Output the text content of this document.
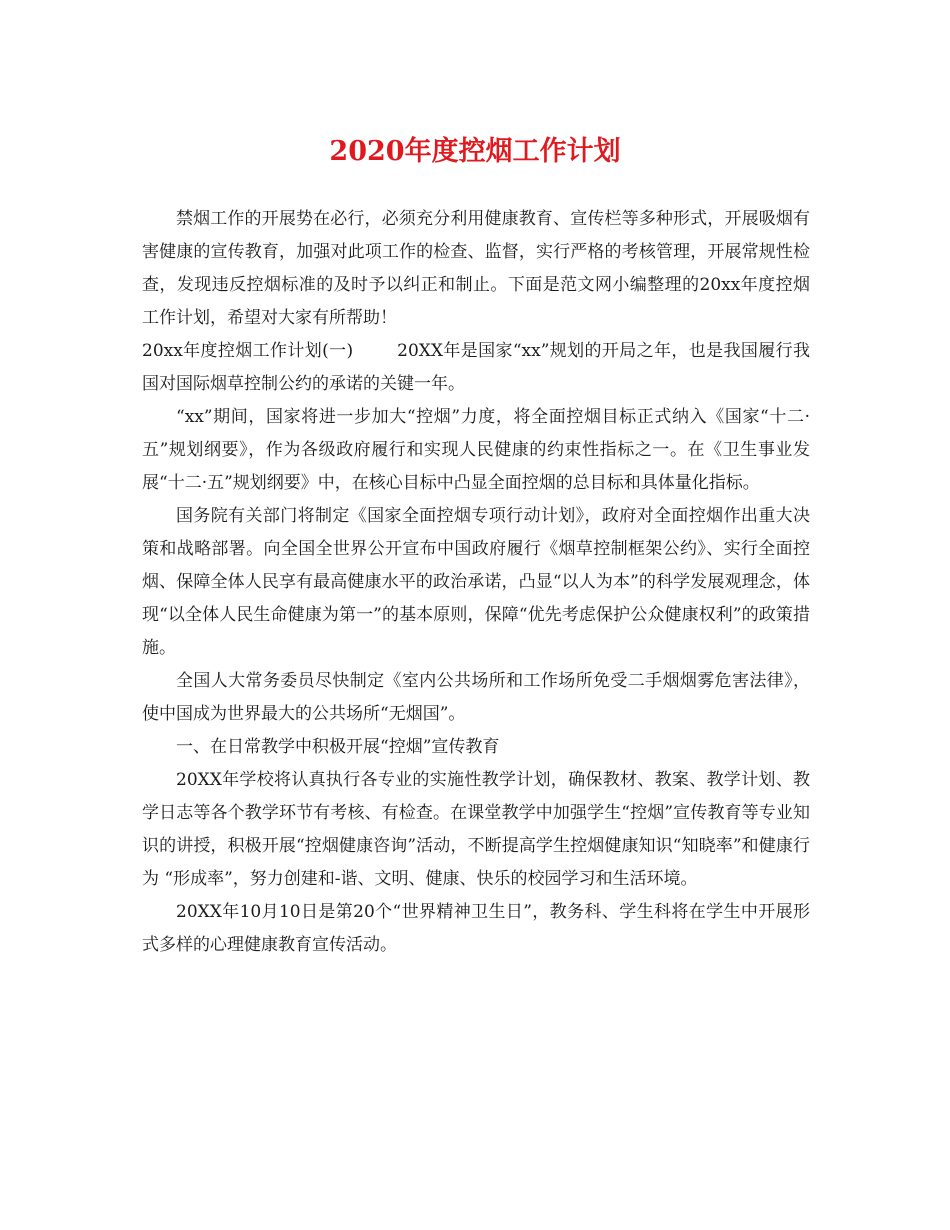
2020年度控烟工作计划

禁烟工作的开展势在必行，必须充分利用健康教育、宣传栏等多种形式，开展吸烟有害健康的宣传教育，加强对此项工作的检查、监督，实行严格的考核管理，开展常规性检查，发现违反控烟标准的及时予以纠正和制止。下面是范文网小编整理的20xx年度控烟工作计划，希望对大家有所帮助！

20xx年度控烟工作计划(一)	20XX年是国家“xx”规划的开局之年，也是我国履行我国对国际烟草控制公约的承诺的关键一年。

“xx”期间，国家将进一步加大“控烟”力度，将全面控烟目标正式纳入《国家“十二·五”规划纲要》，作为各级政府履行和实现人民健康的约束性指标之一。在《卫生事业发展“十二·五”规划纲要》中，在核心目标中凸显全面控烟的总目标和具体量化指标。

国务院有关部门将制定《国家全面控烟专项行动计划》，政府对全面控烟作出重大决策和战略部署。向全国全世界公开宣布中国政府履行《烟草控制框架公约》、实行全面控烟、保障全体人民享有最高健康水平的政治承诺，凸显“以人为本”的科学发展观理念，体现“以全体人民生命健康为第一”的基本原则，保障“优先考虑保护公众健康权利”的政策措施。

全国人大常务委员尽快制定《室内公共场所和工作场所免受二手烟烟雾危害法律》，使中国成为世界最大的公共场所“无烟国”。

一、在日常教学中积极开展“控烟”宣传教育

20XX年学校将认真执行各专业的实施性教学计划，确保教材、教案、教学计划、教学日志等各个教学环节有考核、有检查。在课堂教学中加强学生“控烟”宣传教育等专业知识的讲授，积极开展“控烟健康咨询”活动，不断提高学生控烟健康知识“知晓率”和健康行为 “形成率”，努力创建和-谐、文明、健康、快乐的校园学习和生活环境。

20XX年10月10日是第20个“世界精神卫生日”，教务科、学生科将在学生中开展形式多样的心理健康教育宣传活动。
